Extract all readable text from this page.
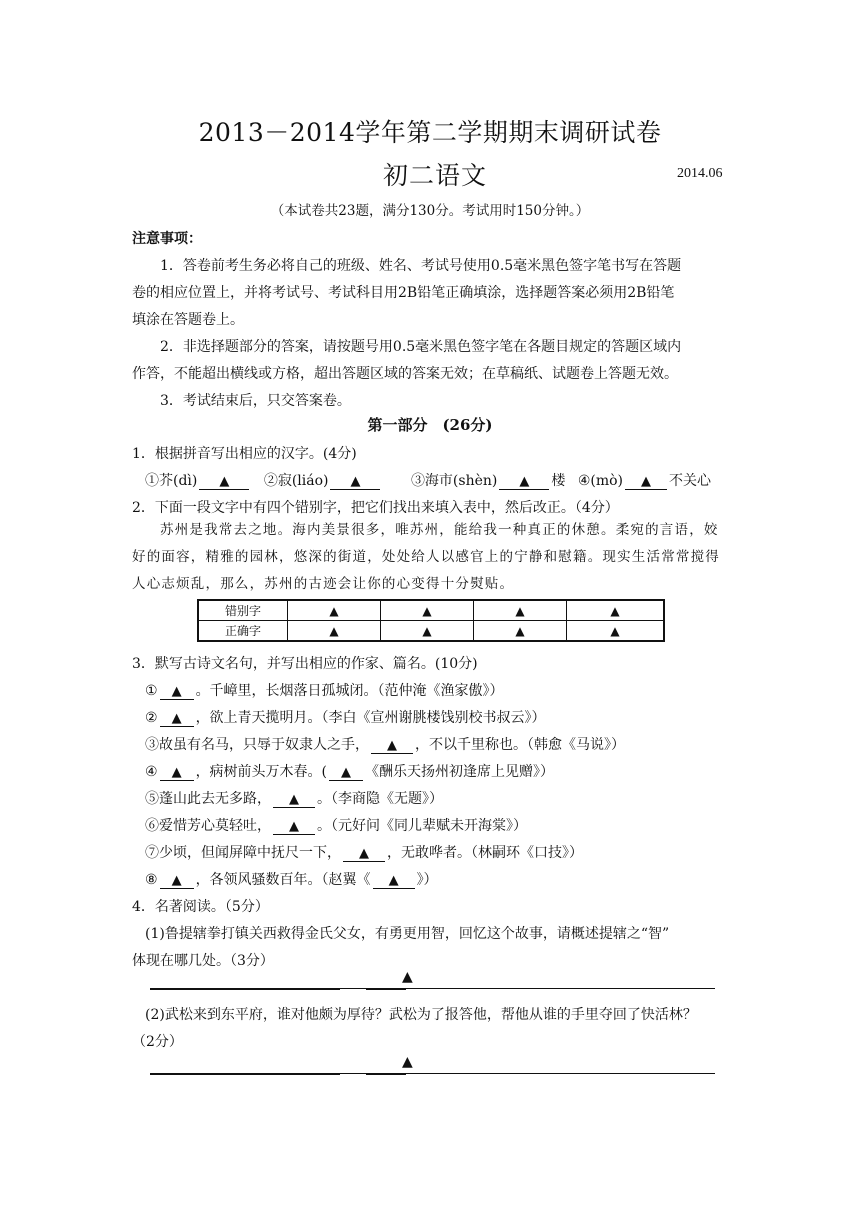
2013－2014学年第二学期期末调研试卷
初二语文	2014.06
（本试卷共23题，满分130分。考试用时150分钟。）
注意事项：
1．答卷前考生务必将自己的班级、姓名、考试号使用0.5毫米黑色签字笔书写在答题
卷的相应位置上，并将考试号、考试科目用2B铅笔正确填涂，选择题答案必须用2B铅笔
填涂在答题卷上。
2．非选择题部分的答案，请按题号用0.5毫米黑色签字笔在各题目规定的答题区域内
作答，不能超出横线或方格，超出答题区域的答案无效；在草稿纸、试题卷上答题无效。
3．考试结束后，只交答案卷。
第一部分　(26分)
1．根据拼音写出相应的汉字。(4分)
①芥(dì) ▲ ②寂(liáo) ▲	③海市(shèn) ▲ 楼 ④(mò) ▲ 不关心
2．下面一段文字中有四个错别字，把它们找出来填入表中，然后改正。（4分）
苏州是我常去之地。海内美景很多，唯苏州，能给我一种真正的休憩。柔宛的言语，姣
好的面容，精雅的园林，悠深的街道，处处给人以感官上的宁静和慰籍。现实生活常常搅得
人心志烦乱，那么，苏州的古迹会让你的心变得十分熨贴。
错别字	▲	▲	▲	▲
正确字	▲	▲	▲	▲
3．默写古诗文名句，并写出相应的作家、篇名。(10分)
① ▲ 。千嶂里，长烟落日孤城闭。（范仲淹《渔家傲》）
② ▲ ，欲上青天揽明月。（李白《宣州谢朓楼饯别校书叔云》）
③故虽有名马，只辱于奴隶人之手， ▲ ，不以千里称也。（韩愈《马说》）
④ ▲ ，病树前头万木春。( ▲ 《酬乐天扬州初逢席上见赠》）
⑤蓬山此去无多路， ▲ 。（李商隐《无题》）
⑥爱惜芳心莫轻吐， ▲ 。（元好问《同儿辈赋未开海棠》）
⑦少顷，但闻屏障中抚尺一下， ▲ ，无敢哗者。（林嗣环《口技》）
⑧ ▲ ，各领风骚数百年。（赵翼《 ▲ 》）
4．名著阅读。（5分）
(1)鲁提辖拳打镇关西救得金氏父女，有勇更用智，回忆这个故事，请概述提辖之“智”
体现在哪几处。（3分）
▲
(2)武松来到东平府，谁对他颇为厚待？武松为了报答他，帮他从谁的手里夺回了快活林？
（2分）
▲
